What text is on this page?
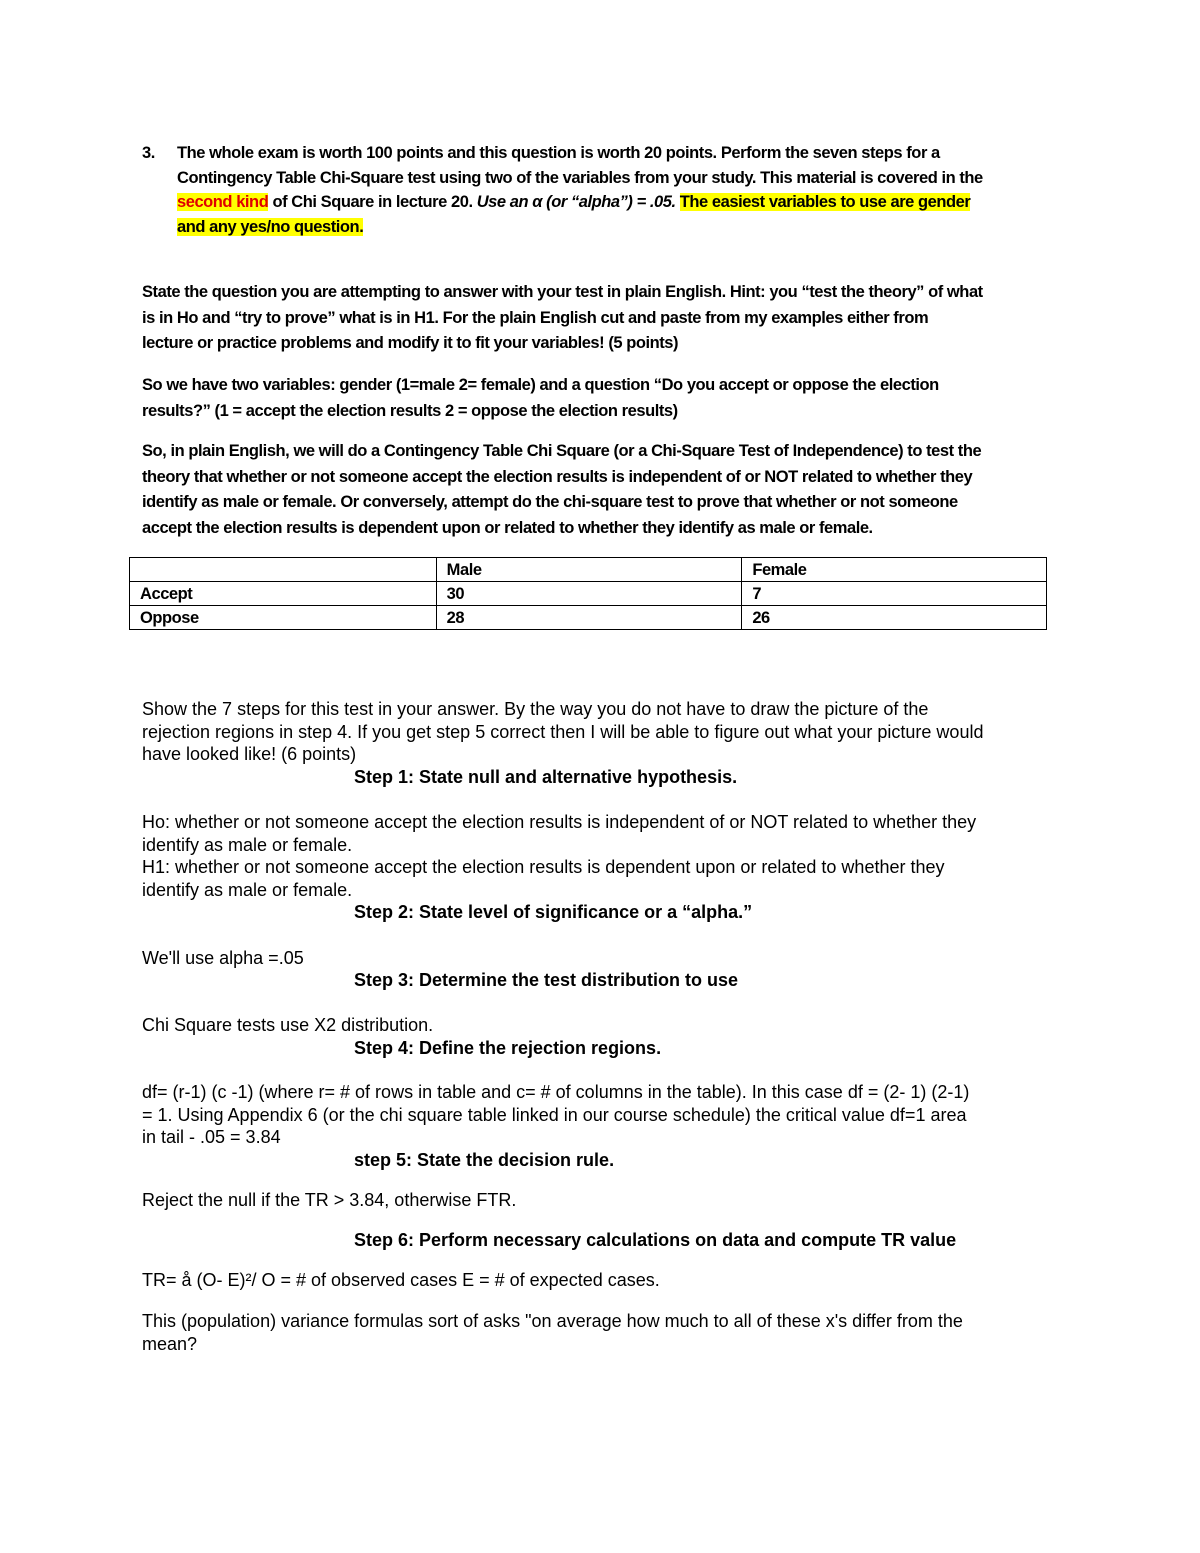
3. The whole exam is worth 100 points and this question is worth 20 points. Perform the seven steps for a
Contingency Table Chi-Square test using two of the variables from your study. This material is covered in the
second kind of Chi Square in lecture 20. Use an α (or “alpha”) = .05. The easiest variables to use are gender
and any yes/no question.
State the question you are attempting to answer with your test in plain English. Hint: you “test the theory” of what
is in Ho and “try to prove” what is in H1. For the plain English cut and paste from my examples either from
lecture or practice problems and modify it to fit your variables! (5 points)
So we have two variables: gender (1=male 2= female) and a question “Do you accept or oppose the election
results?” (1 = accept the election results 2 = oppose the election results)
So, in plain English, we will do a Contingency Table Chi Square (or a Chi-Square Test of Independence) to test the
theory that whether or not someone accept the election results is independent of or NOT related to whether they
identify as male or female. Or conversely, attempt do the chi-square test to prove that whether or not someone
accept the election results is dependent upon or related to whether they identify as male or female.
	Male	Female
Accept	30	7
Oppose	28	26
Show the 7 steps for this test in your answer. By the way you do not have to draw the picture of the
rejection regions in step 4. If you get step 5 correct then I will be able to figure out what your picture would
have looked like! (6 points)
Step 1: State null and alternative hypothesis.
Ho: whether or not someone accept the election results is independent of or NOT related to whether they
identify as male or female.
H1: whether or not someone accept the election results is dependent upon or related to whether they
identify as male or female.
Step 2: State level of significance or a “alpha.”
We'll use alpha =.05
Step 3: Determine the test distribution to use
Chi Square tests use X2 distribution.
Step 4: Define the rejection regions.
df= (r-1) (c -1) (where r= # of rows in table and c= # of columns in the table). In this case df = (2- 1) (2-1)
= 1. Using Appendix 6 (or the chi square table linked in our course schedule) the critical value df=1 area
in tail - .05 = 3.84
step 5: State the decision rule.
Reject the null if the TR > 3.84, otherwise FTR.
Step 6: Perform necessary calculations on data and compute TR value
TR= å (O- E)²/ O = # of observed cases E = # of expected cases.
This (population) variance formulas sort of asks "on average how much to all of these x's differ from the
mean?
